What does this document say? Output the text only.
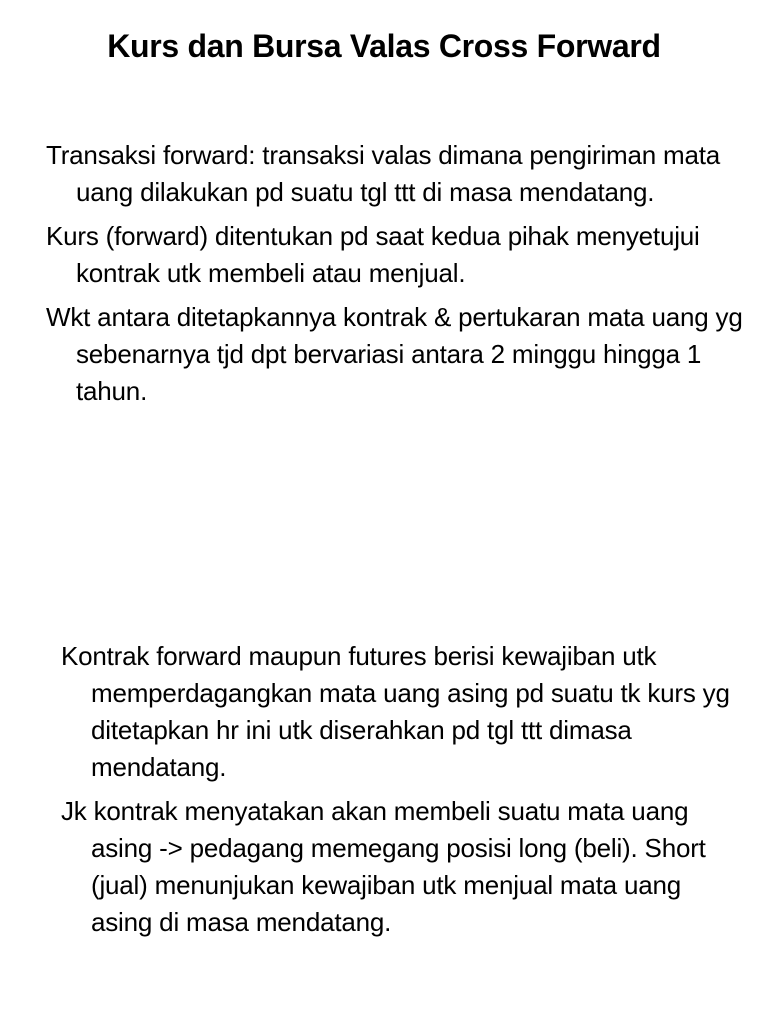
Kurs dan Bursa Valas Cross Forward
Transaksi forward: transaksi valas dimana pengiriman mata uang dilakukan pd suatu tgl ttt di masa mendatang.
Kurs (forward) ditentukan pd saat kedua pihak menyetujui kontrak utk membeli atau menjual.
Wkt antara ditetapkannya kontrak & pertukaran mata uang yg sebenarnya tjd dpt bervariasi antara 2 minggu hingga 1 tahun.
Kontrak forward maupun futures berisi kewajiban utk memperdagangkan mata uang asing pd suatu tk kurs yg ditetapkan hr ini utk diserahkan pd tgl ttt dimasa mendatang.
Jk kontrak menyatakan akan membeli suatu mata uang asing -> pedagang memegang posisi long (beli). Short (jual) menunjukan kewajiban utk menjual mata uang asing di masa mendatang.
